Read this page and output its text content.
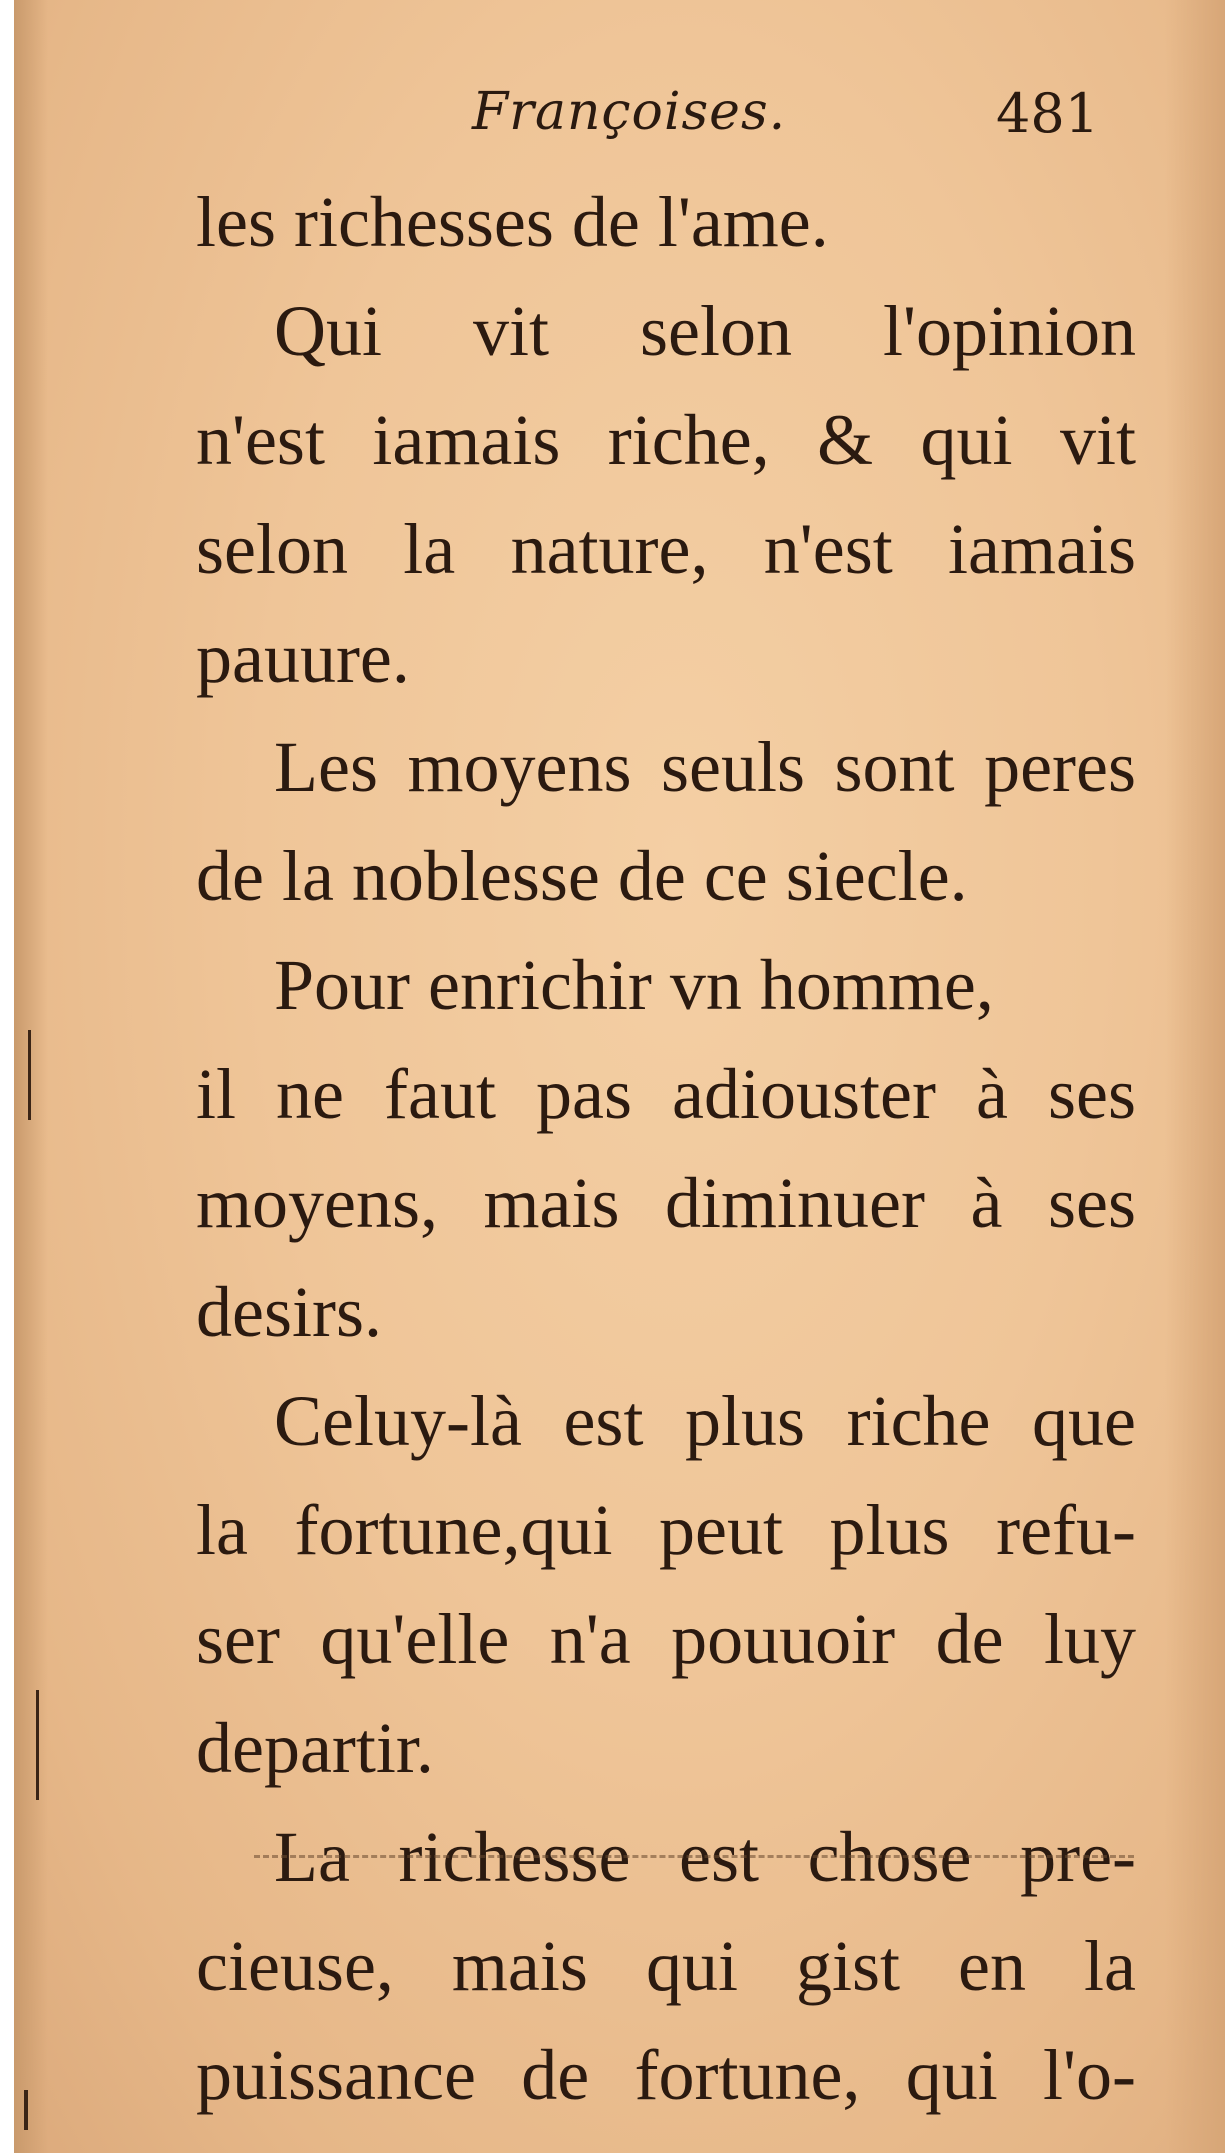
Françoises.	481
les richesses de l'ame.
Qui vit selon l'opinion
n'est iamais riche, & qui vit
selon la nature, n'est iamais
pauure.
Les moyens seuls sont peres
de la noblesse de ce siecle.
Pour enrichir vn homme,
il ne faut pas adiouster à ses
moyens, mais diminuer à ses
desirs.
Celuy-là est plus riche que
la fortune,qui peut plus refu-
ser qu'elle n'a pouuoir de luy
departir.
La richesse est chose pre-
cieuse, mais qui gist en la
puissance de fortune, qui l'o-
